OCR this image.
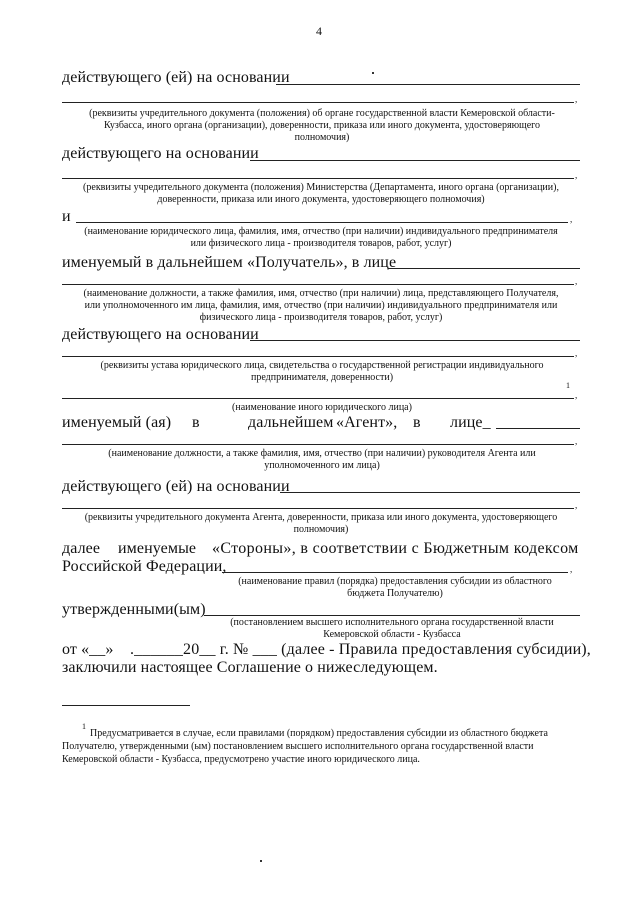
4
действующего (ей) на основании
,
(реквизиты учредительного документа (положения) об органе государственной власти Кемеровской области-
Кузбасса, иного органа (организации), доверенности, приказа или иного документа, удостоверяющего
полномочия)
действующего на основании
,
(реквизиты учредительного документа (положения) Министерства (Департамента, иного органа (организации),
доверенности, приказа или иного документа, удостоверяющего полномочия)
и	,
(наименование юридического лица, фамилия, имя, отчество (при наличии) индивидуального предпринимателя
или физического лица - производителя товаров, работ, услуг)
именуемый в дальнейшем «Получатель», в лице
,
(наименование должности, а также фамилия, имя, отчество (при наличии) лица, представляющего Получателя,
или уполномоченного им лица, фамилия, имя, отчество (при наличии) индивидуального предпринимателя или
физического лица - производителя товаров, работ, услуг)
действующего на основании
,
(реквизиты устава юридического лица, свидетельства о государственной регистрации индивидуального
предпринимателя, доверенности)
1
,
(наименование иного юридического лица)
именуемый (ая) в	дальнейшем «Агент», в лице_
,
(наименование должности, а также фамилия, имя, отчество (при наличии) руководителя Агента или
уполномоченного им лица)
действующего (ей) на основании
,
(реквизиты учредительного документа Агента, доверенности, приказа или иного документа, удостоверяющего
полномочия)
далее именуемые «Стороны», в соответствии с Бюджетным кодексом
Российской Федерации,	,
(наименование правил (порядка) предоставления субсидии из областного
бюджета Получателю)
утвержденными(ым)
(постановлением высшего исполнительного органа государственной власти
Кемеровской области - Кузбасса
от «__» .______20__ г. № ___ (далее - Правила предоставления субсидии),
заключили настоящее Соглашение о нижеследующем.
1
Предусматривается в случае, если правилами (порядком) предоставления субсидии из областного бюджета
Получателю, утвержденными (ым) постановлением высшего исполнительного органа государственной власти
Кемеровской области - Кузбасса, предусмотрено участие иного юридического лица.
